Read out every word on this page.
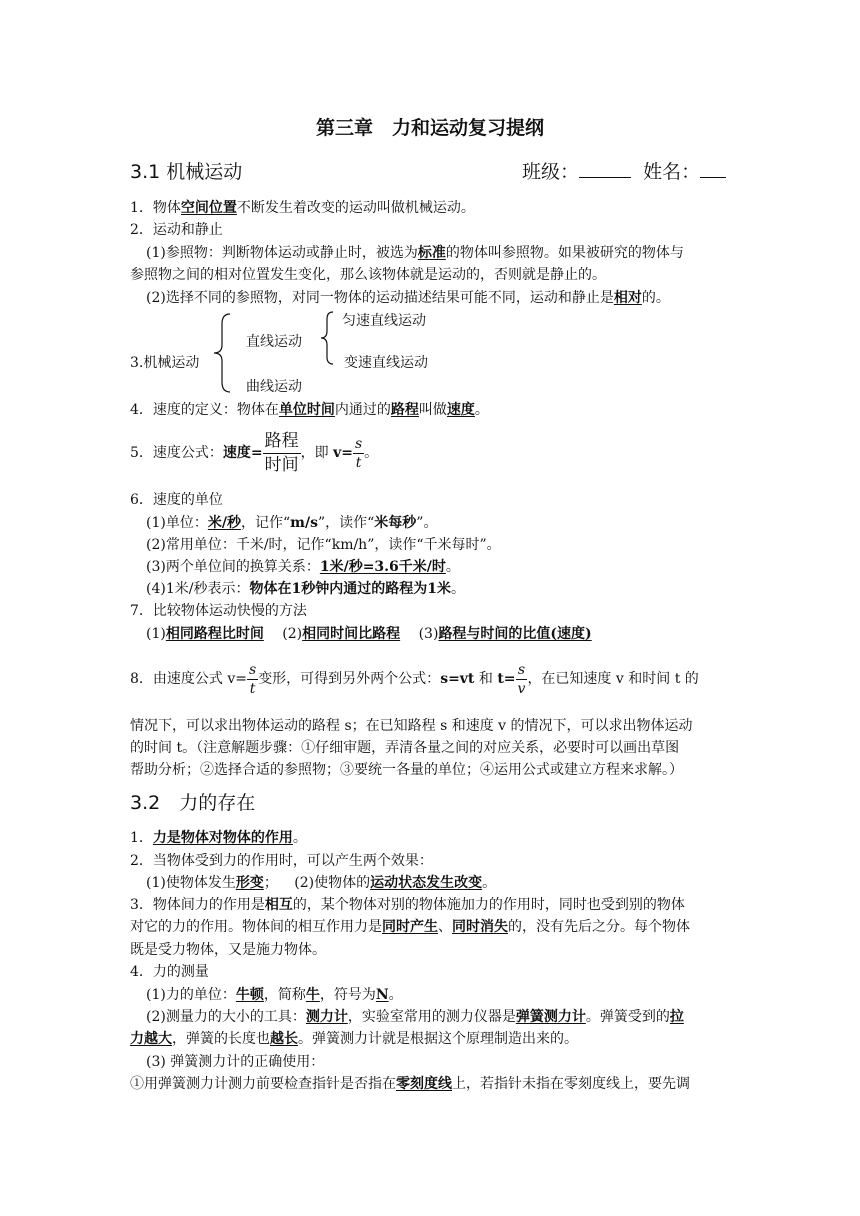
第三章　力和运动复习提纲
3.1 机械运动	班级：	姓名：
1．物体空间位置不断发生着改变的运动叫做机械运动。
2．运动和静止
(1)参照物：判断物体运动或静止时，被选为标准的物体叫参照物。如果被研究的物体与
参照物之间的相对位置发生变化，那么该物体就是运动的，否则就是静止的。
(2)选择不同的参照物，对同一物体的运动描述结果可能不同，运动和静止是相对的。
3.机械运动
直线运动
匀速直线运动
变速直线运动
曲线运动
4．速度的定义：物体在单位时间内通过的路程叫做速度。
5．速度公式：速度= $\frac{\text{路程}}{\text{时间}}$ ，即 $v= \frac{s}{t}$ 。
6．速度的单位
(1)单位：米/秒，记作“m/s”，读作“米每秒”。
(2)常用单位：千米/时，记作“km/h”，读作“千米每时”。
(3)两个单位间的换算关系：1米/秒=3.6千米/时。
(4)1米/秒表示：物体在1秒钟内通过的路程为1米。
7．比较物体运动快慢的方法
(1)相同路程比时间 (2)相同时间比路程 (3)路程与时间的比值(速度)
8．由速度公式 $v= \frac{s}{t}$ 变形，可得到另外两个公式：s=vt 和 $t= \frac{s}{v}$ ，在已知速度 v 和时间 t 的
情况下，可以求出物体运动的路程 s；在已知路程 s 和速度 v 的情况下，可以求出物体运动
的时间 t。（注意解题步骤：①仔细审题，弄清各量之间的对应关系，必要时可以画出草图
帮助分析；②选择合适的参照物；③要统一各量的单位；④运用公式或建立方程来求解。）
3.2　力的存在
1．力是物体对物体的作用。
2．当物体受到力的作用时，可以产生两个效果：
(1)使物体发生形变； (2)使物体的运动状态发生改变。
3．物体间力的作用是相互的，某个物体对别的物体施加力的作用时，同时也受到别的物体
对它的力的作用。物体间的相互作用力是同时产生、同时消失的，没有先后之分。每个物体
既是受力物体，又是施力物体。
4．力的测量
(1)力的单位：牛顿，简称牛，符号为N。
(2)测量力的大小的工具：测力计，实验室常用的测力仪器是弹簧测力计。弹簧受到的拉
力越大，弹簧的长度也越长。弹簧测力计就是根据这个原理制造出来的。
(3) 弹簧测力计的正确使用：
①用弹簧测力计测力前要检查指针是否指在零刻度线上，若指针未指在零刻度线上，要先调
